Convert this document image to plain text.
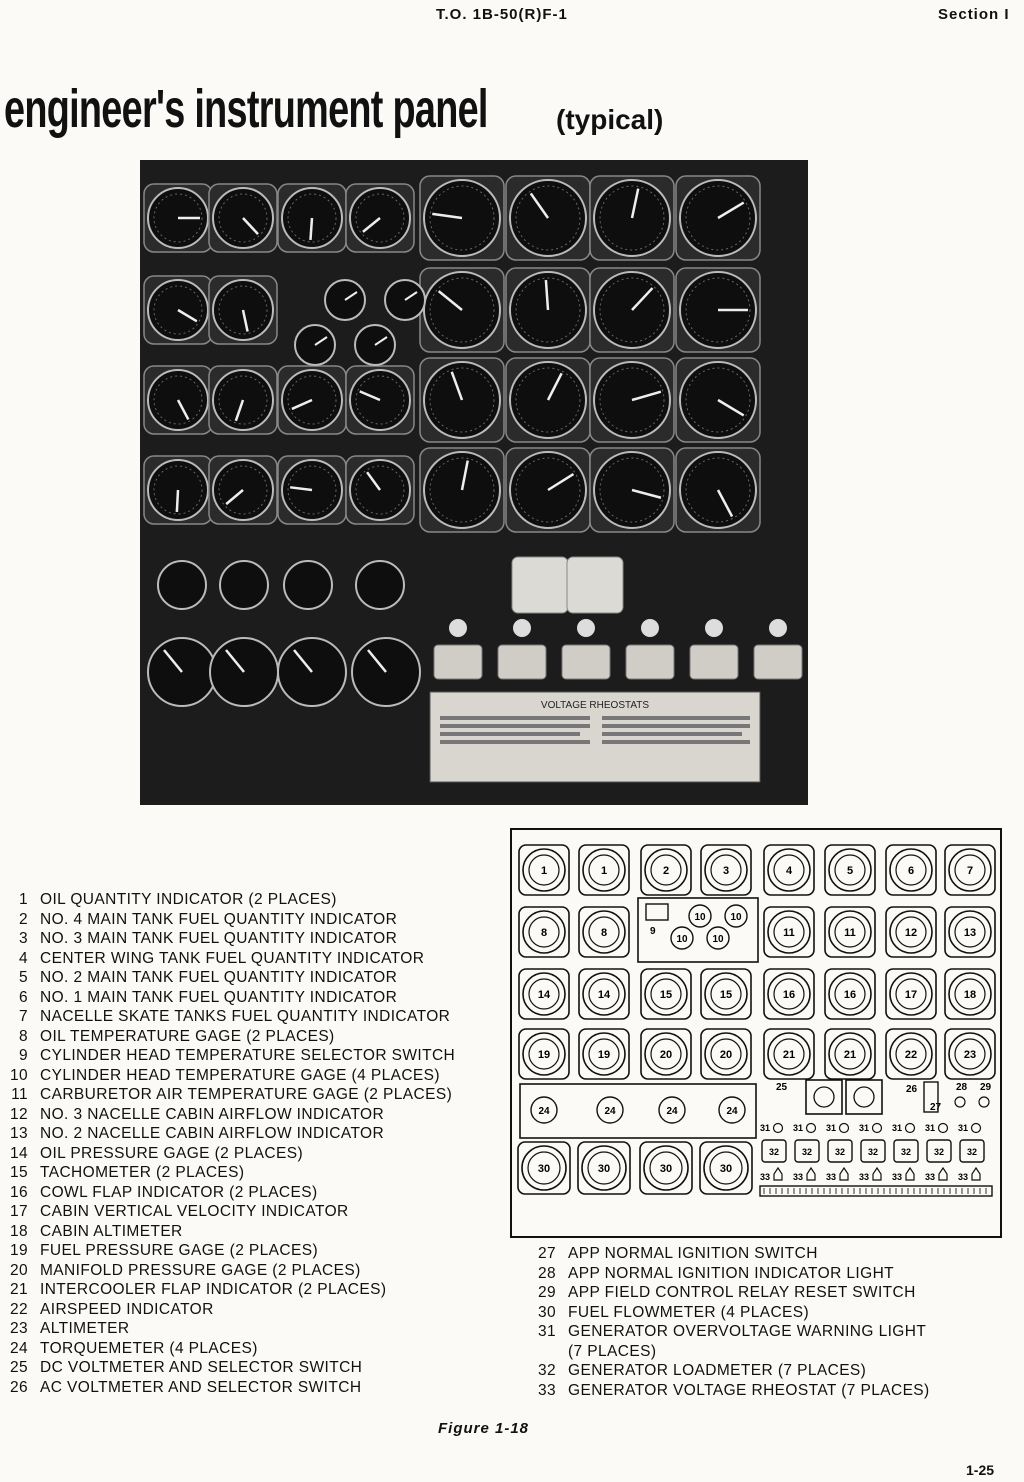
T.O. 1B-50(R)F-1	Section I
engineer's instrument panel	(typical)
VOLTAGE RHEOSTATS
1 OIL QUANTITY INDICATOR (2 PLACES)
2 NO. 4 MAIN TANK FUEL QUANTITY INDICATOR
3 NO. 3 MAIN TANK FUEL QUANTITY INDICATOR
4 CENTER WING TANK FUEL QUANTITY INDICATOR
5 NO. 2 MAIN TANK FUEL QUANTITY INDICATOR
6 NO. 1 MAIN TANK FUEL QUANTITY INDICATOR
7 NACELLE SKATE TANKS FUEL QUANTITY INDICATOR
8 OIL TEMPERATURE GAGE (2 PLACES)
9 CYLINDER HEAD TEMPERATURE SELECTOR SWITCH
10 CYLINDER HEAD TEMPERATURE GAGE (4 PLACES)
11 CARBURETOR AIR TEMPERATURE GAGE (2 PLACES)
12 NO. 3 NACELLE CABIN AIRFLOW INDICATOR
13 NO. 2 NACELLE CABIN AIRFLOW INDICATOR
14 OIL PRESSURE GAGE (2 PLACES)
15 TACHOMETER (2 PLACES)
16 COWL FLAP INDICATOR (2 PLACES)
17 CABIN VERTICAL VELOCITY INDICATOR
18 CABIN ALTIMETER
19 FUEL PRESSURE GAGE (2 PLACES)
20 MANIFOLD PRESSURE GAGE (2 PLACES)
21 INTERCOOLER FLAP INDICATOR (2 PLACES)
22 AIRSPEED INDICATOR
23 ALTIMETER
24 TORQUEMETER (4 PLACES)
25 DC VOLTMETER AND SELECTOR SWITCH
26 AC VOLTMETER AND SELECTOR SWITCH
27 APP NORMAL IGNITION SWITCH
28 APP NORMAL IGNITION INDICATOR LIGHT
29 APP FIELD CONTROL RELAY RESET SWITCH
30 FUEL FLOWMETER (4 PLACES)
31 GENERATOR OVERVOLTAGE WARNING LIGHT
(7 PLACES)
32 GENERATOR LOADMETER (7 PLACES)
33 GENERATOR VOLTAGE RHEOSTAT (7 PLACES)
1	1	2	3	4	5	6	7
8	8	11	11	12	13
14	14	15	15	16	16	17	18
19	19	20	20	21	21	22	23
9
10 10
10 10
24	24	24	24
30	30	30	30
25	26
27
28 29
31
32
33
31
32
33
31
32
33
31
32
33
31
32
33
31
32
33
31
32
33
Figure 1-18
1-25
